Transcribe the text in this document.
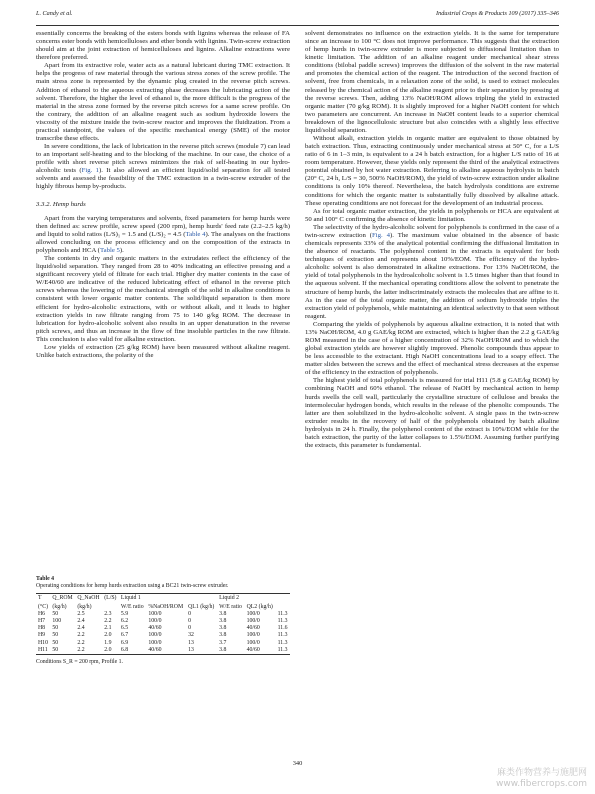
L. Candy et al.	Industrial Crops & Products 109 (2017) 335–346

essentially concerns the breaking of the esters bonds with lignins whereas the release of FA concerns ester bonds with hemicelluloses and ether bonds with lignins. Twin-screw extraction should aim at the joint extraction of hemicelluloses and lignins. Alkaline extractions were therefore preferred.

Apart from its extractive role, water acts as a natural lubricant during TMC extraction. It helps the progress of raw material through the various stress zones of the screw profile. The main stress zone is represented by the dynamic plug created in the reverse pitch screws. Addition of ethanol to the aqueous extracting phase decreases the lubricating action of the solvent. Therefore, the higher the level of ethanol is, the more difficult is the progress of the material in the stress zone formed by the reverse pitch screws for a same screw profile. On the contrary, the addition of an alkaline reagent such as sodium hydroxide lowers the viscosity of the mixture inside the twin-screw reactor and improves the fluidization. From a practical standpoint, the values of the specific mechanical energy (SME) of the motor transcribe these effects.

In severe conditions, the lack of lubrication in the reverse pitch screws (module 7) can lead to an important self-heating and to the blocking of the machine. In our case, the choice of a profile with short reverse pitch screws minimizes the risk of self-heating in our hydro-alcoholic tests (Fig. 1). It also allowed an efficient liquid/solid separation for all tested solvents and assessed the feasibility of the TMC extraction in a twin-screw extruder of the highly fibrous hemp by-products.

3.3.2. Hemp hurds

Apart from the varying temperatures and solvents, fixed parameters for hemp hurds were then defined as: screw profile, screw speed (200 rpm), hemp hurds' feed rate (2.2–2.5 kg/h) and liquid to solid ratios (L/S)₁ = 1.5 and (L/S)₂ = 4.5 (Table 4). The analyses on the fractions allowed concluding on the process efficiency and on the composition of the extracts in polyphenols and HCA (Table 5).

The contents in dry and organic matters in the extrudates reflect the efficiency of the liquid/solid separation. They ranged from 28 to 40% indicating an effective pressing and a significant recovery yield of filtrate for each trial. Higher dry matter contents in the case of W/E40/60 are indicative of the reduced lubricating effect of ethanol in the reverse pitch screws whereas the lowering of the mechanical strength of the solid in alkaline conditions is consistent with lower organic matter contents. The solid/liquid separation is then more efficient for hydro-alcoholic extractions, with or without alkali, and it leads to higher extraction yields in raw filtrate ranging from 75 to 140 g/kg ROM. The decrease in lubrication for hydro-alcoholic solvent also results in an upper denaturation in the reverse pitch screws, and thus an increase in the flow of fine insoluble particles in the raw filtrate. This conclusion is also valid for alkaline extraction.

Low yields of extraction (25 g/kg ROM) have been measured without alkaline reagent. Unlike batch extractions, the polarity of the

Table 4
Operating conditions for hemp hurds extraction using a BC21 twin-screw extruder.
T	Q_ROM	Q_NaOH	(L/S)	Liquid 1			Liquid 2		
(°C)	(kg/h)	(kg/h)		W/E ratio	%NaOH/ROM	QL1 (kg/h)	W/E ratio	QL2 (kg/h)	
H6	50	2.5	2.3	5.9	100/0	0	3.8	100/0	11.3
H7	100	2.4	2.2	6.2	100/0	0	3.8	100/0	11.3
H8	50	2.4	2.1	6.5	40/60	0	3.8	40/60	11.6
H9	50	2.2	2.0	6.7	100/0	32	3.8	100/0	11.3
H10	50	2.2	1.9	6.9	100/0	13	3.7	100/0	11.3
H11	50	2.2	2.0	6.8	40/60	13	3.8	40/60	11.3
Conditions S_R = 200 rpm, Profile 1.

solvent demonstrates no influence on the extraction yields. It is the same for temperature since an increase to 100 °C does not improve performance. This suggests that the extraction of hemp hurds in twin-screw extruder is more subjected to diffusional limitation than to kinetic limitation. The addition of an alkaline reagent under mechanical shear stress conditions (bilobal paddle screws) improves the diffusion of the solvent in the raw material and promotes the chemical action of the reagent. The introduction of the second fraction of solvent, free from chemicals, in a relaxation zone of the solid, is used to extract molecules released by the chemical action of the alkaline reagent prior to their separation by pressing at the reverse screws. Then, adding 13% NaOH/ROM allows tripling the yield in extracted organic matter (70 g/kg ROM). It is slightly improved for a higher NaOH content for which two parameters are concurrent. An increase in NaOH content leads to a superior chemical breakdown of the lignocellulosic structure but also coincides with a slightly less effective liquid/solid separation.

Without alkali, extraction yields in organic matter are equivalent to those obtained by batch extraction. Thus, extracting continuously under mechanical stress at 50° C, for a L/S ratio of 6 in 1–3 min, is equivalent to a 24 h batch extraction, for a higher L/S ratio of 16 at room temperature. However, these yields only represent the third of the analytical extractives potential obtained by hot water extraction. Referring to alkaline aqueous hydrolysis in batch (20° C, 24 h, L/S = 30, 500% NaOH/ROM), the yield of twin-screw extraction under alkaline conditions is only 10% thereof. Nevertheless, the batch hydrolysis conditions are extreme conditions for which the organic matter is substantially fully dissolved by alkaline attack. These operating conditions are not forecast for the development of an industrial process.

As for total organic matter extraction, the yields in polyphenols or HCA are equivalent at 50 and 100° C confirming the absence of kinetic limitation.

The selectivity of the hydro-alcoholic solvent for polyphenols is confirmed in the case of a twin-screw extraction (Fig. 4). The maximum value obtained in the absence of basic chemicals represents 33% of the analytical potential confirming the diffusional limitation in the absence of reactants. The polyphenol content in the extracts is equivalent for both techniques of extraction and represents about 10%/EOM. The efficiency of the hydro-alcoholic solvent is also demonstrated in alkaline extractions. For 13% NaOH/ROM, the yield of total polyphenols in the hydroalcoholic solvent is 1.5 times higher than that found in the aqueous solvent. If the mechanical operating conditions allow the solvent to penetrate the structure of hemp hurds, the latter indiscriminately extracts the molecules that are affine to it. As in the case of the total organic matter, the addition of sodium hydroxide triples the extraction yield of polyphenols, while maintaining an identical selectivity to that seen without reagent.

Comparing the yields of polyphenols by aqueous alkaline extraction, it is noted that with 13% NaOH/ROM, 4.0 g GAE/kg ROM are extracted, which is higher than the 2.2 g GAE/kg ROM measured in the case of a higher concentration of 32% NaOH/ROM and to which the global extraction yields are however slightly improved. Phenolic compounds thus appear to be less accessible to the extractant. High NaOH concentrations lead to a soapy effect. The matter slides between the screws and the effect of mechanical stress decreases at the expense of the efficiency in the extraction of polyphenols.

The highest yield of total polyphenols is measured for trial H11 (5.8 g GAE/kg ROM) by combining NaOH and 60% ethanol. The release of NaOH by mechanical action in hemp hurds swells the cell wall, particularly the crystalline structure of cellulose and breaks the intermolecular hydrogen bonds, which results in the release of the phenolic compounds. The latter are then solubilized in the hydro-alcoholic solvent. A single pass in the twin-screw extruder results in the recovery of half of the polyphenols obtained by batch alkaline hydrolysis in 24 h. Finally, the polyphenol content of the extract is 10%/EOM while for the batch extraction, the purity of the latter collapses to 1.5%/EOM. Assuming further purifying the extracts, this parameter is fundamental.

340
麻类作物营养与施肥网
www.fibercrops.com
